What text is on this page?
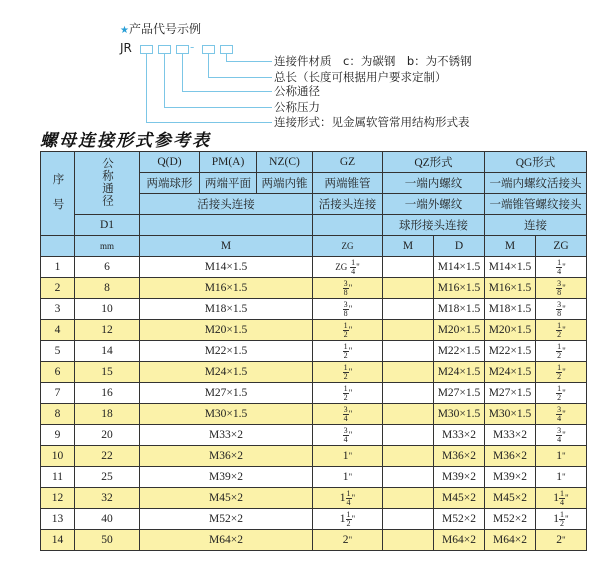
★产品代号示例
JR	-
连接件材质　c：为碳钢　b：为不锈钢
总长（长度可根据用户要求定制）
公称通径
公称压力
连接形式：见金属软管常用结构形式表
螺母连接形式参考表
序　号	公称通径	Q(D)	PM(A)	NZ(C)	GZ	QZ形式		QG形式	
		两端球形	两端平面	两端内锥	两端锥管	一端内螺纹		一端内螺纹活接头	
		活接头连接			活接头连接	一端外螺纹		一端锥管螺纹接头	
	D1					球形接头连接		连接	
	mm	M			ZG	M	D	M	ZG
1	6	M14×1.5			ZG $\frac{1}{4}$ "		M14×1.5	M14×1.5	$\frac{1}{4}$ "
2	8	M16×1.5			$\frac{3}{8}$ "		M16×1.5	M16×1.5	$\frac{3}{8}$ "
3	10	M18×1.5			$\frac{3}{8}$ "		M18×1.5	M18×1.5	$\frac{3}{8}$ "
4	12	M20×1.5			$\frac{1}{2}$ "		M20×1.5	M20×1.5	$\frac{1}{2}$ "
5	14	M22×1.5			$\frac{1}{2}$ "		M22×1.5	M22×1.5	$\frac{1}{2}$ "
6	15	M24×1.5			$\frac{1}{2}$ "		M24×1.5	M24×1.5	$\frac{1}{2}$ "
7	16	M27×1.5			$\frac{1}{2}$ "		M27×1.5	M27×1.5	$\frac{1}{2}$ "
8	18	M30×1.5			$\frac{3}{4}$ "		M30×1.5	M30×1.5	$\frac{3}{4}$ "
9	20	M33×2			$\frac{3}{4}$ "		M33×2	M33×2	$\frac{3}{4}$ "
10	22	M36×2			1"		M36×2	M36×2	1"
11	25	M39×2			1"		M39×2	M39×2	1"
12	32	M45×2			$1 \frac{1}{4}$ "		M45×2	M45×2	$1 \frac{1}{4}$ "
13	40	M52×2			$1 \frac{1}{2}$ "		M52×2	M52×2	$1 \frac{1}{2}$ "
14	50	M64×2			2"		M64×2	M64×2	2"
